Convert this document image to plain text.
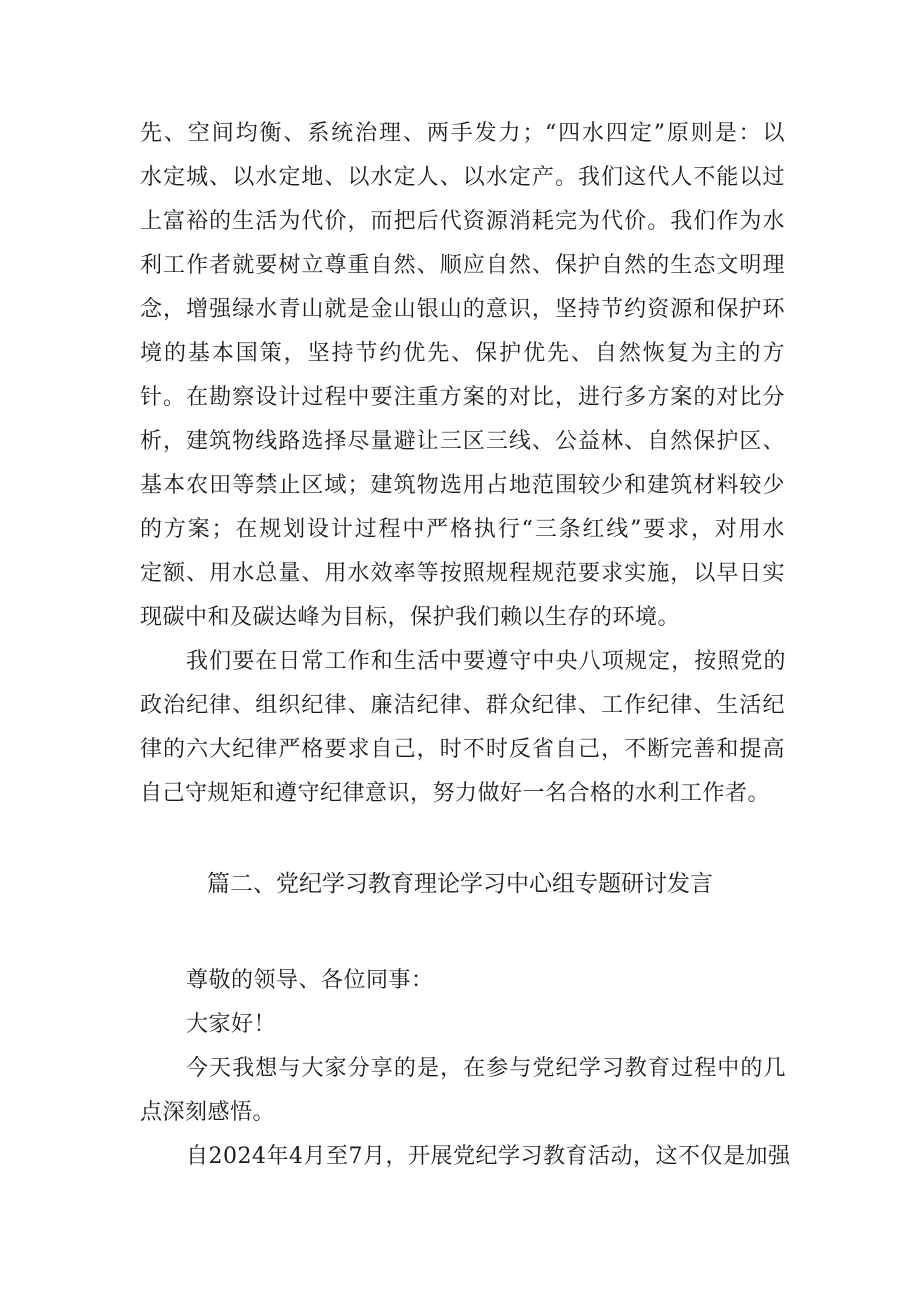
先、空间均衡、系统治理、两手发力；“四水四定”原则是：以
水定城、以水定地、以水定人、以水定产。我们这代人不能以过
上富裕的生活为代价，而把后代资源消耗完为代价。我们作为水
利工作者就要树立尊重自然、顺应自然、保护自然的生态文明理
念，增强绿水青山就是金山银山的意识，坚持节约资源和保护环
境的基本国策，坚持节约优先、保护优先、自然恢复为主的方
针。在勘察设计过程中要注重方案的对比，进行多方案的对比分
析，建筑物线路选择尽量避让三区三线、公益林、自然保护区、
基本农田等禁止区域；建筑物选用占地范围较少和建筑材料较少
的方案；在规划设计过程中严格执行“三条红线”要求，对用水
定额、用水总量、用水效率等按照规程规范要求实施，以早日实
现碳中和及碳达峰为目标，保护我们赖以生存的环境。
我们要在日常工作和生活中要遵守中央八项规定，按照党的
政治纪律、组织纪律、廉洁纪律、群众纪律、工作纪律、生活纪
律的六大纪律严格要求自己，时不时反省自己，不断完善和提高
自己守规矩和遵守纪律意识，努力做好一名合格的水利工作者。
篇二、党纪学习教育理论学习中心组专题研讨发言
尊敬的领导、各位同事：
大家好！
今天我想与大家分享的是，在参与党纪学习教育过程中的几
点深刻感悟。
自2024年4月至7月，开展党纪学习教育活动，这不仅是加强
